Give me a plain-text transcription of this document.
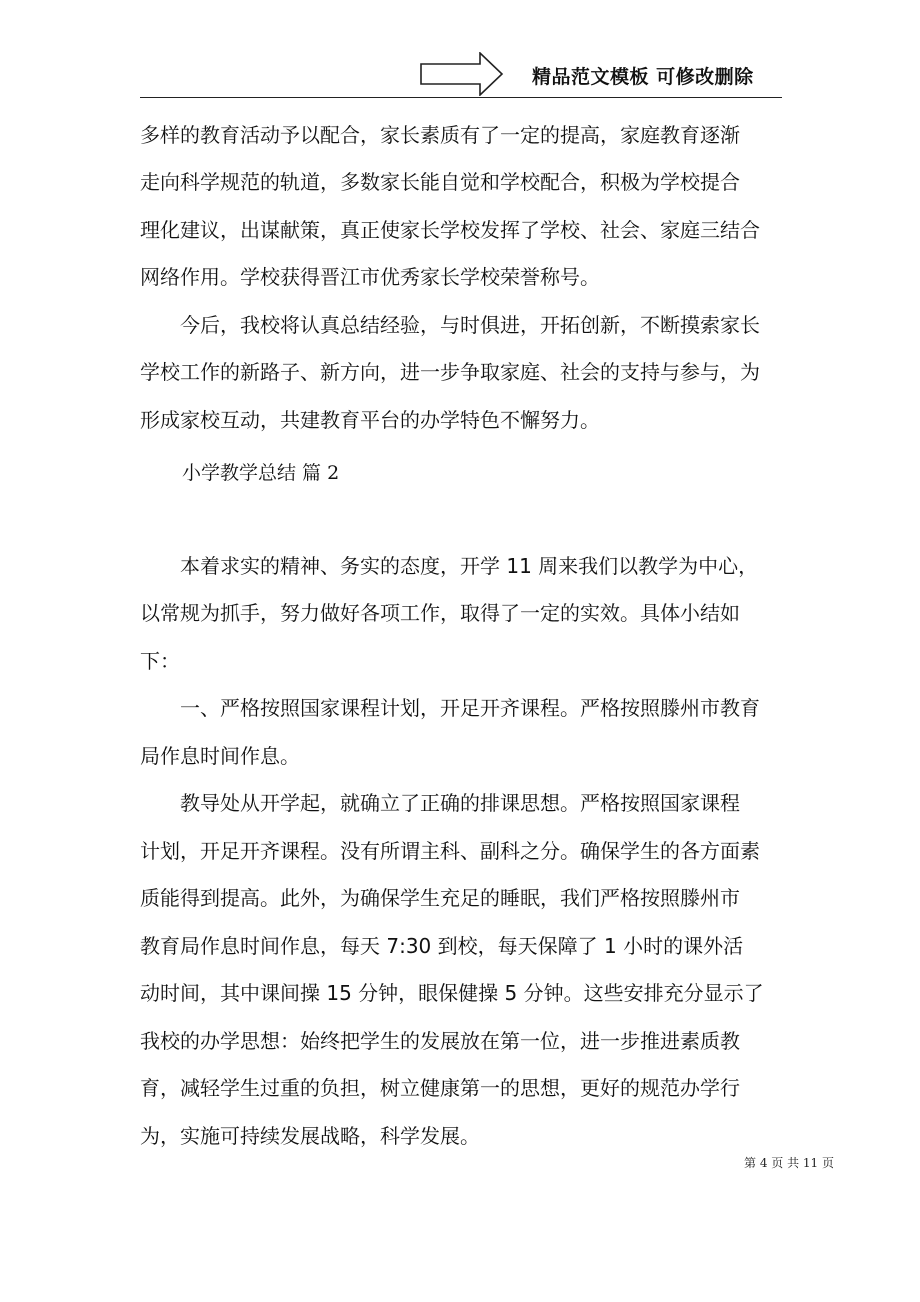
精品范文模板 可修改删除
多样的教育活动予以配合，家长素质有了一定的提高，家庭教育逐渐
走向科学规范的轨道，多数家长能自觉和学校配合，积极为学校提合
理化建议，出谋献策，真正使家长学校发挥了学校、社会、家庭三结合
网络作用。学校获得晋江市优秀家长学校荣誉称号。
　　今后，我校将认真总结经验，与时俱进，开拓创新，不断摸索家长
学校工作的新路子、新方向，进一步争取家庭、社会的支持与参与，为
形成家校互动，共建教育平台的办学特色不懈努力。
小学教学总结 篇 2
　　本着求实的精神、务实的态度，开学 11 周来我们以教学为中心，
以常规为抓手，努力做好各项工作，取得了一定的实效。具体小结如
下：
　　一、严格按照国家课程计划，开足开齐课程。严格按照滕州市教育
局作息时间作息。
　　教导处从开学起，就确立了正确的排课思想。严格按照国家课程
计划，开足开齐课程。没有所谓主科、副科之分。确保学生的各方面素
质能得到提高。此外，为确保学生充足的睡眠，我们严格按照滕州市
教育局作息时间作息，每天 7:30 到校，每天保障了 1 小时的课外活
动时间，其中课间操 15 分钟，眼保健操 5 分钟。这些安排充分显示了
我校的办学思想：始终把学生的发展放在第一位，进一步推进素质教
育，减轻学生过重的负担，树立健康第一的思想，更好的规范办学行
为，实施可持续发展战略，科学发展。
第 4 页 共 11 页
